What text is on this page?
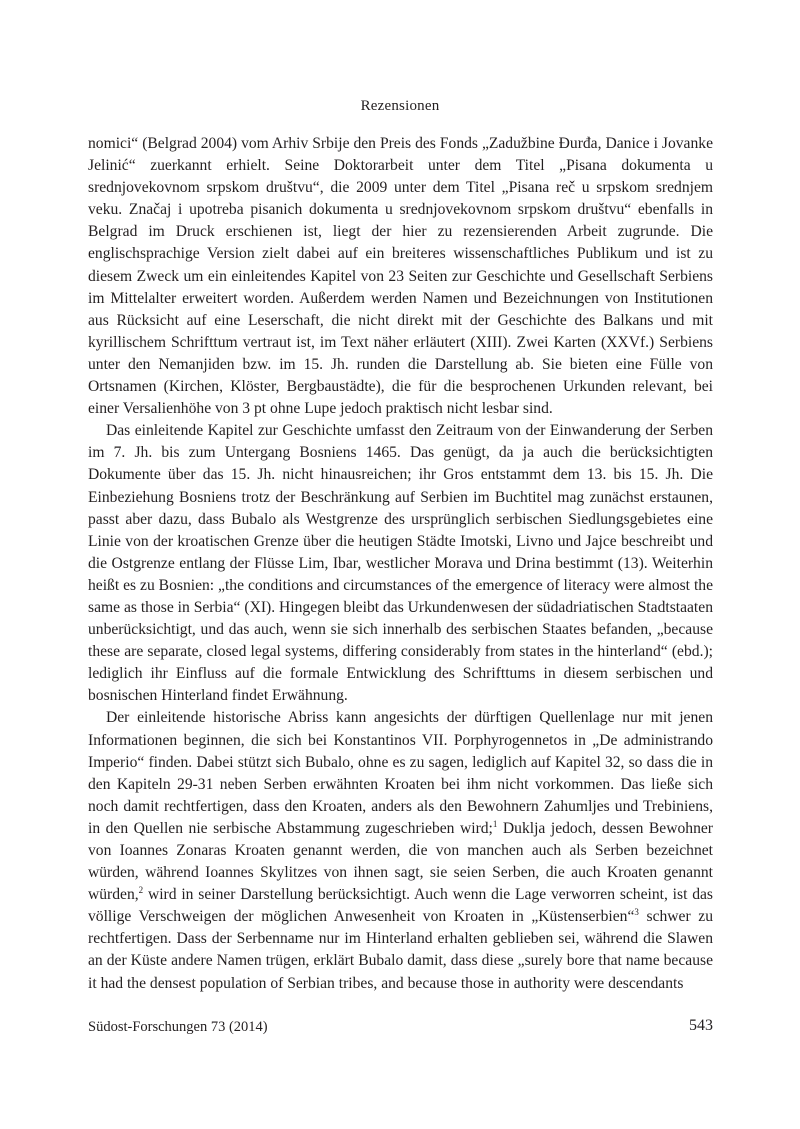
Rezensionen

nomici“ (Belgrad 2004) vom Arhiv Srbije den Preis des Fonds „Zadužbine Đurđa, Danice i Jovanke Jelinić“ zuerkannt erhielt. Seine Doktorarbeit unter dem Titel „Pisana dokumenta u srednjovekovnom srpskom društvu“, die 2009 unter dem Titel „Pisana reč u srpskom srednjem veku. Značaj i upotreba pisanich dokumenta u srednjovekovnom srpskom društvu“ ebenfalls in Belgrad im Druck erschienen ist, liegt der hier zu rezensierenden Arbeit zugrunde. Die englischsprachige Version zielt dabei auf ein breiteres wissenschaftliches Publikum und ist zu diesem Zweck um ein einleitendes Kapitel von 23 Seiten zur Geschichte und Gesellschaft Serbiens im Mittelalter erweitert worden. Außerdem werden Namen und Bezeichnungen von Institutionen aus Rücksicht auf eine Leserschaft, die nicht direkt mit der Geschichte des Balkans und mit kyrillischem Schrifttum vertraut ist, im Text näher erläutert (XIII). Zwei Karten (XXVf.) Serbiens unter den Nemanjiden bzw. im 15. Jh. runden die Darstellung ab. Sie bieten eine Fülle von Ortsnamen (Kirchen, Klöster, Bergbaustädte), die für die besprochenen Urkunden relevant, bei einer Versalienhöhe von 3 pt ohne Lupe jedoch praktisch nicht lesbar sind.

Das einleitende Kapitel zur Geschichte umfasst den Zeitraum von der Einwanderung der Serben im 7. Jh. bis zum Untergang Bosniens 1465. Das genügt, da ja auch die berücksichtigten Dokumente über das 15. Jh. nicht hinausreichen; ihr Gros entstammt dem 13. bis 15. Jh. Die Einbeziehung Bosniens trotz der Beschränkung auf Serbien im Buchtitel mag zunächst erstaunen, passt aber dazu, dass Bubalo als Westgrenze des ursprünglich serbischen Siedlungsgebietes eine Linie von der kroatischen Grenze über die heutigen Städte Imotski, Livno und Jajce beschreibt und die Ostgrenze entlang der Flüsse Lim, Ibar, westlicher Morava und Drina bestimmt (13). Weiterhin heißt es zu Bosnien: „the conditions and circumstances of the emergence of literacy were almost the same as those in Serbia“ (XI). Hingegen bleibt das Urkundenwesen der südadriatischen Stadtstaaten unberücksichtigt, und das auch, wenn sie sich innerhalb des serbischen Staates befanden, „because these are separate, closed legal systems, differing considerably from states in the hinterland“ (ebd.); lediglich ihr Einfluss auf die formale Entwicklung des Schrifttums in diesem serbischen und bosnischen Hinterland findet Erwähnung.

Der einleitende historische Abriss kann angesichts der dürftigen Quellenlage nur mit jenen Informationen beginnen, die sich bei Konstantinos VII. Porphyrogennetos in „De administrando Imperio“ finden. Dabei stützt sich Bubalo, ohne es zu sagen, lediglich auf Kapitel 32, so dass die in den Kapiteln 29-31 neben Serben erwähnten Kroaten bei ihm nicht vorkommen. Das ließe sich noch damit rechtfertigen, dass den Kroaten, anders als den Bewohnern Zahumljes und Trebiniens, in den Quellen nie serbische Abstammung zugeschrieben wird;$^1$ Duklja jedoch, dessen Bewohner von Ioannes Zonaras Kroaten genannt werden, die von manchen auch als Serben bezeichnet würden, während Ioannes Skylitzes von ihnen sagt, sie seien Serben, die auch Kroaten genannt würden,$^2$ wird in seiner Darstellung berücksichtigt. Auch wenn die Lage verworren scheint, ist das völlige Verschweigen der möglichen Anwesenheit von Kroaten in „Küstenserbien“$^3$ schwer zu rechtfertigen. Dass der Serbenname nur im Hinterland erhalten geblieben sei, während die Slawen an der Küste andere Namen trügen, erklärt Bubalo damit, dass diese „surely bore that name because it had the densest population of Serbian tribes, and because those in authority were descendants

Südost-Forschungen 73 (2014)	543
